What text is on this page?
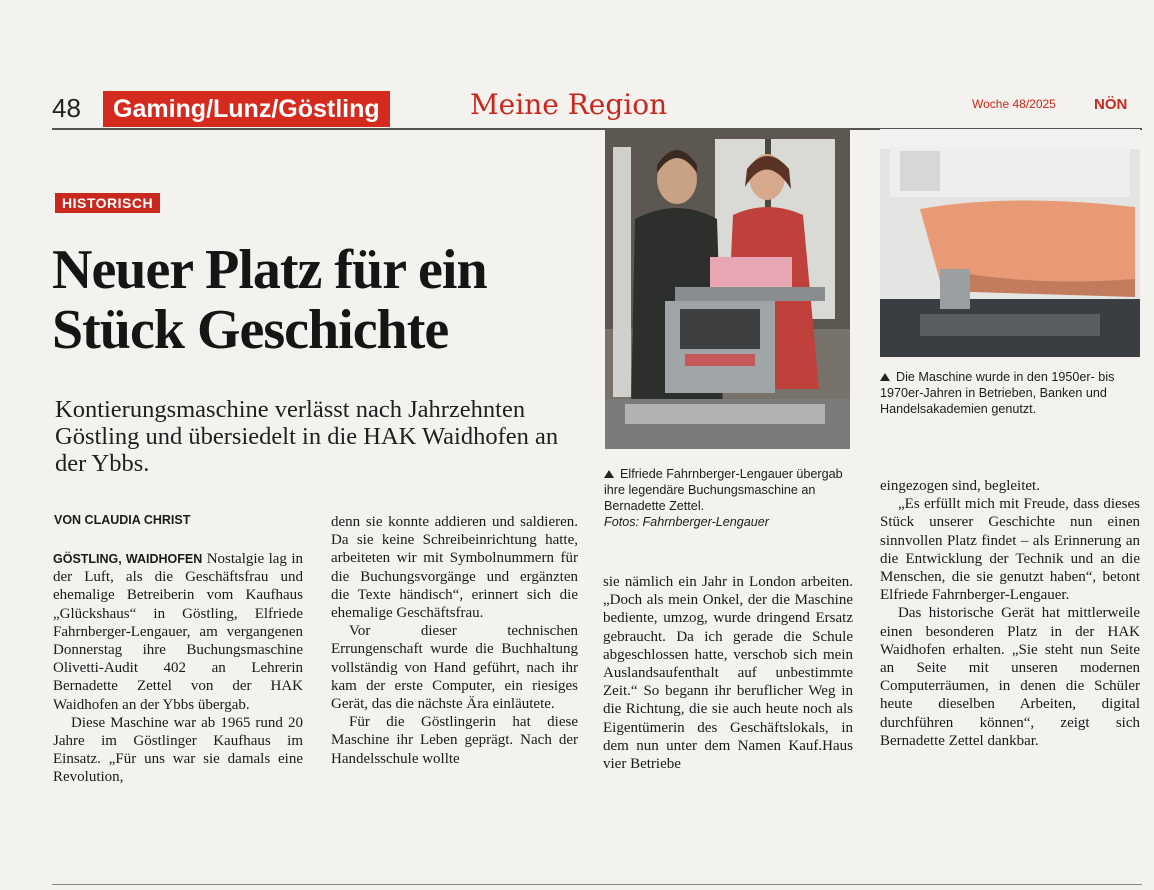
48	Gaming/Lunz/Göstling	Meine Region	Woche 48/2025	NÖN
HISTORISCH
Neuer Platz für ein Stück Geschichte

Kontierungsmaschine verlässt nach Jahrzehnten Göstling und übersiedelt in die HAK Waidhofen an der Ybbs.

VON CLAUDIA CHRIST

GÖSTLING, WAIDHOFEN Nostalgie lag in der Luft, als die Geschäftsfrau und ehemalige Betreiberin vom Kaufhaus „Glückshaus“ in Göstling, Elfriede Fahrnberger-Lengauer, am vergangenen Donnerstag ihre Buchungsmaschine Olivetti-Audit 402 an Lehrerin Bernadette Zettel von der HAK Waidhofen an der Ybbs übergab.

Diese Maschine war ab 1965 rund 20 Jahre im Göstlinger Kaufhaus im Einsatz. „Für uns war sie damals eine Revolution,

denn sie konnte addieren und saldieren. Da sie keine Schreibeinrichtung hatte, arbeiteten wir mit Symbolnummern für die Buchungsvorgänge und ergänzten die Texte händisch“, erinnert sich die ehemalige Geschäftsfrau.

Vor dieser technischen Errungenschaft wurde die Buchhaltung vollständig von Hand geführt, nach ihr kam der erste Computer, ein riesiges Gerät, das die nächste Ära einläutete.

Für die Göstlingerin hat diese Maschine ihr Leben geprägt. Nach der Handelsschule wollte

Elfriede Fahrnberger-Lengauer übergab ihre legendäre Buchungsmaschine an Bernadette Zettel.
Fotos: Fahrnberger-Lengauer

Die Maschine wurde in den 1950er- bis 1970er-Jahren in Betrieben, Banken und Handelsakademien genutzt.

sie nämlich ein Jahr in London arbeiten. „Doch als mein Onkel, der die Maschine bediente, umzog, wurde dringend Ersatz gebraucht. Da ich gerade die Schule abgeschlossen hatte, verschob sich mein Auslandsaufenthalt auf unbestimmte Zeit.“ So begann ihr beruflicher Weg in die Richtung, die sie auch heute noch als Eigentümerin des Geschäftslokals, in dem nun unter dem Namen Kauf.Haus vier Betriebe

eingezogen sind, begleitet.

„Es erfüllt mich mit Freude, dass dieses Stück unserer Geschichte nun einen sinnvollen Platz findet – als Erinnerung an die Entwicklung der Technik und an die Menschen, die sie genutzt haben“, betont Elfriede Fahrnberger-Lengauer.

Das historische Gerät hat mittlerweile einen besonderen Platz in der HAK Waidhofen erhalten. „Sie steht nun Seite an Seite mit unseren modernen Computerräumen, in denen die Schüler heute dieselben Arbeiten, digital durchführen können“, zeigt sich Bernadette Zettel dankbar.
